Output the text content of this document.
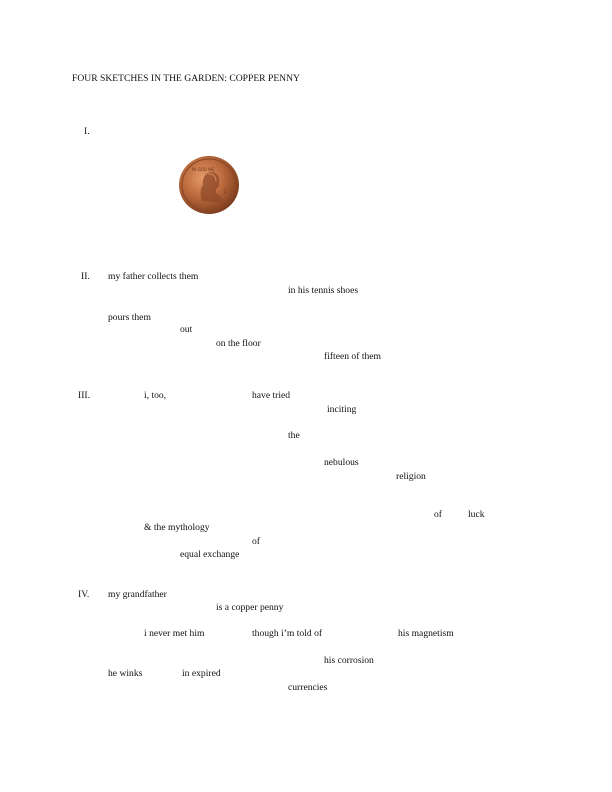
FOUR SKETCHES IN THE GARDEN: COPPER PENNY
I.
IN GOD WE
2
II. my father collects them
in his tennis shoes
pours them
out
on the floor
fifteen of them
III.	i, too,	have tried
inciting
the
nebulous
religion
of	luck
& the mythology
of
equal exchange
IV. my grandfather
is a copper penny
i never met him	though i’m told of	his magnetism
his corrosion
he winks	in expired
currencies
